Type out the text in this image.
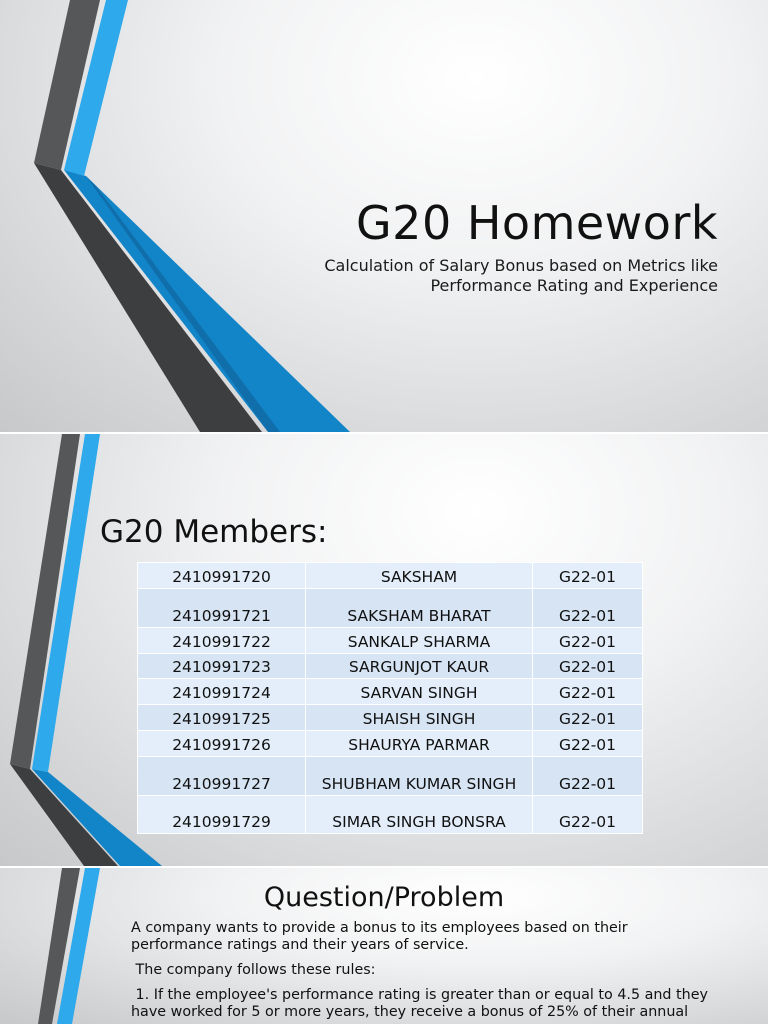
G20 Homework
Calculation of Salary Bonus based on Metrics like
Performance Rating and Experience
G20 Members:
2410991720	SAKSHAM	G22-01
2410991721	SAKSHAM BHARAT	G22-01
2410991722	SANKALP SHARMA	G22-01
2410991723	SARGUNJOT KAUR	G22-01
2410991724	SARVAN SINGH	G22-01
2410991725	SHAISH SINGH	G22-01
2410991726	SHAURYA PARMAR	G22-01
2410991727	SHUBHAM KUMAR SINGH	G22-01
2410991729	SIMAR SINGH BONSRA	G22-01
Question/Problem

A company wants to provide a bonus to its employees based on their performance ratings and their years of service.

The company follows these rules:

1. If the employee's performance rating is greater than or equal to 4.5 and they have worked for 5 or more years, they receive a bonus of 25% of their annual
